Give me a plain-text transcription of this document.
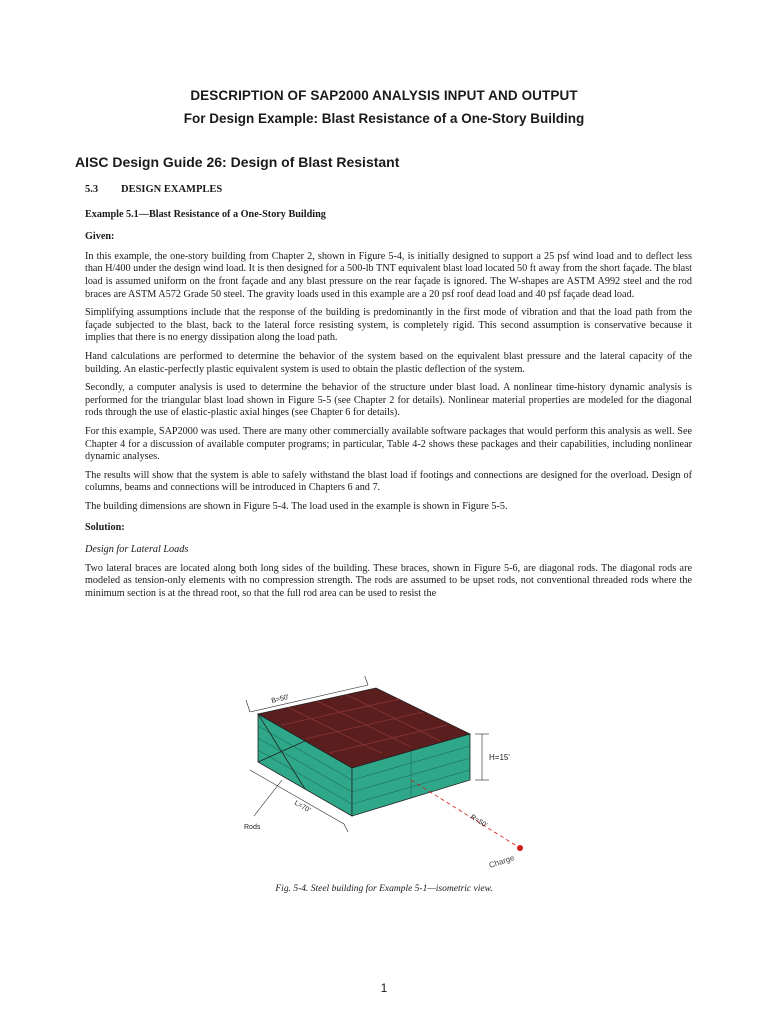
DESCRIPTION OF SAP2000 ANALYSIS INPUT AND OUTPUT
For Design Example: Blast Resistance of a One-Story Building
AISC Design Guide 26: Design of Blast Resistant
5.3 DESIGN EXAMPLES
Example 5.1—Blast Resistance of a One-Story Building
Given:

In this example, the one-story building from Chapter 2, shown in Figure 5-4, is initially designed to support a 25 psf wind load and to deflect less than H/400 under the design wind load. It is then designed for a 500-lb TNT equivalent blast load located 50 ft away from the short façade. The blast load is assumed uniform on the front façade and any blast pressure on the rear façade is ignored. The W-shapes are ASTM A992 steel and the rod braces are ASTM A572 Grade 50 steel. The gravity loads used in this example are a 20 psf roof dead load and 40 psf façade dead load.

Simplifying assumptions include that the response of the building is predominantly in the first mode of vibration and that the load path from the façade subjected to the blast, back to the lateral force resisting system, is completely rigid. This second assumption is conservative because it implies that there is no energy dissipation along the load path.

Hand calculations are performed to determine the behavior of the system based on the equivalent blast pressure and the lateral capacity of the building. An elastic-perfectly plastic equivalent system is used to obtain the plastic deflection of the system.

Secondly, a computer analysis is used to determine the behavior of the structure under blast load. A nonlinear time-history dynamic analysis is performed for the triangular blast load shown in Figure 5-5 (see Chapter 2 for details). Nonlinear material properties are modeled for the diagonal rods through the use of elastic-plastic axial hinges (see Chapter 6 for details).

For this example, SAP2000 was used. There are many other commercially available software packages that would perform this analysis as well. See Chapter 4 for a discussion of available computer programs; in particular, Table 4-2 shows these packages and their capabilities, including nonlinear dynamic analyses.

The results will show that the system is able to safely withstand the blast load if footings and connections are designed for the overload. Design of columns, beams and connections will be introduced in Chapters 6 and 7.

The building dimensions are shown in Figure 5-4. The load used in the example is shown in Figure 5-5.

Solution:
Design for Lateral Loads

Two lateral braces are located along both long sides of the building. These braces, shown in Figure 5-6, are diagonal rods. The diagonal rods are modeled as tension-only elements with no compression strength. The rods are assumed to be upset rods, not conventional threaded rods where the minimum section is at the thread root, so that the full rod area can be used to resist the

B=50'
L=70'
H=15'
Rods	R=50'
Charge
Fig. 5-4. Steel building for Example 5-1—isometric view.
1
